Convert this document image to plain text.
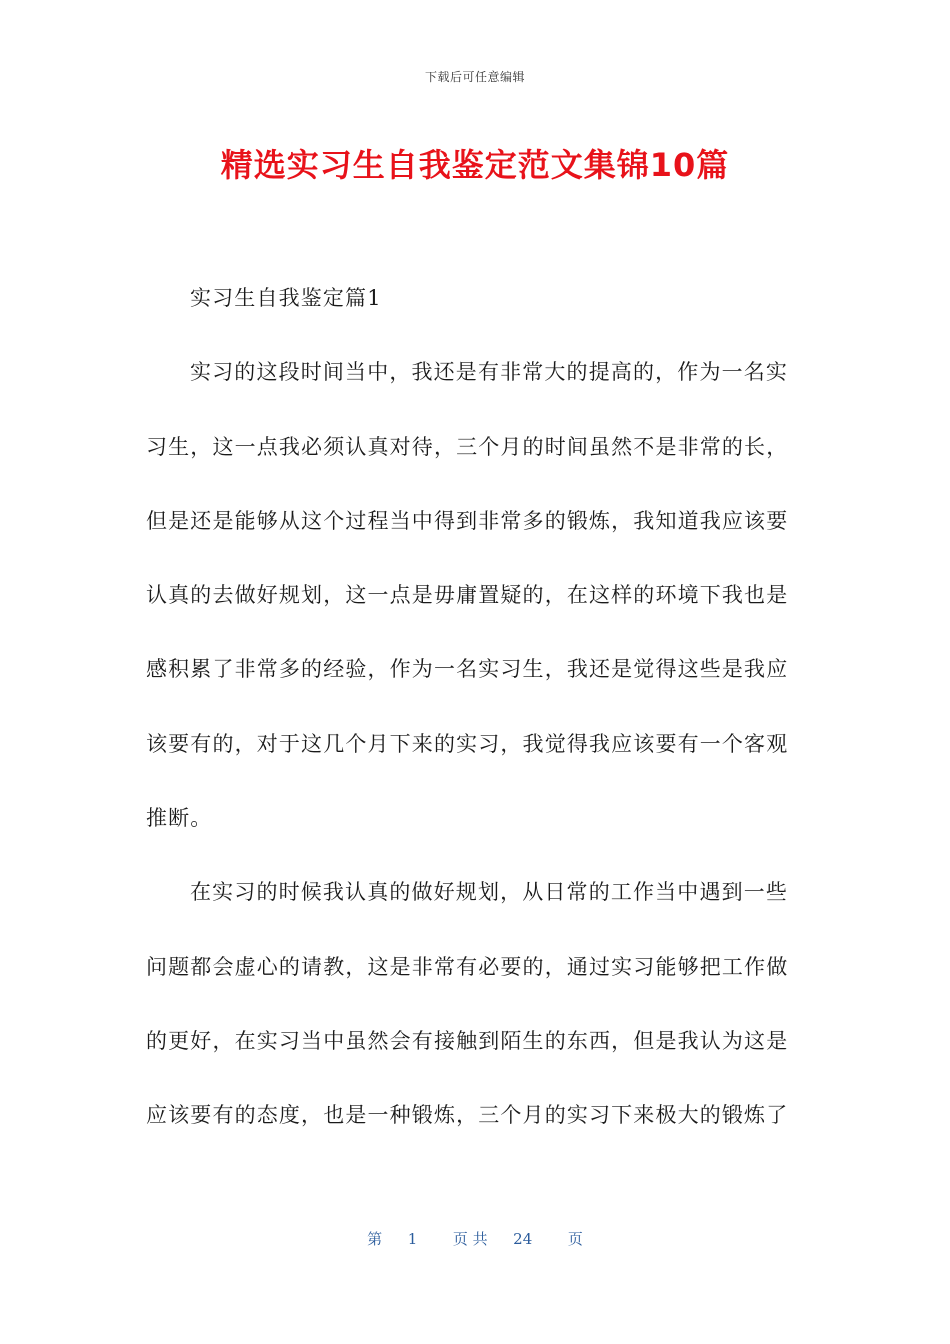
下载后可任意编辑
精选实习生自我鉴定范文集锦10篇
实习生自我鉴定篇1
实习的这段时间当中，我还是有非常大的提高的，作为一名实
习生，这一点我必须认真对待，三个月的时间虽然不是非常的长，
但是还是能够从这个过程当中得到非常多的锻炼，我知道我应该要
认真的去做好规划，这一点是毋庸置疑的，在这样的环境下我也是
感积累了非常多的经验，作为一名实习生，我还是觉得这些是我应
该要有的，对于这几个月下来的实习，我觉得我应该要有一个客观
推断。
在实习的时候我认真的做好规划，从日常的工作当中遇到一些
问题都会虚心的请教，这是非常有必要的，通过实习能够把工作做
的更好，在实习当中虽然会有接触到陌生的东西，但是我认为这是
应该要有的态度，也是一种锻炼，三个月的实习下来极大的锻炼了
第 1 页 共 24 页
